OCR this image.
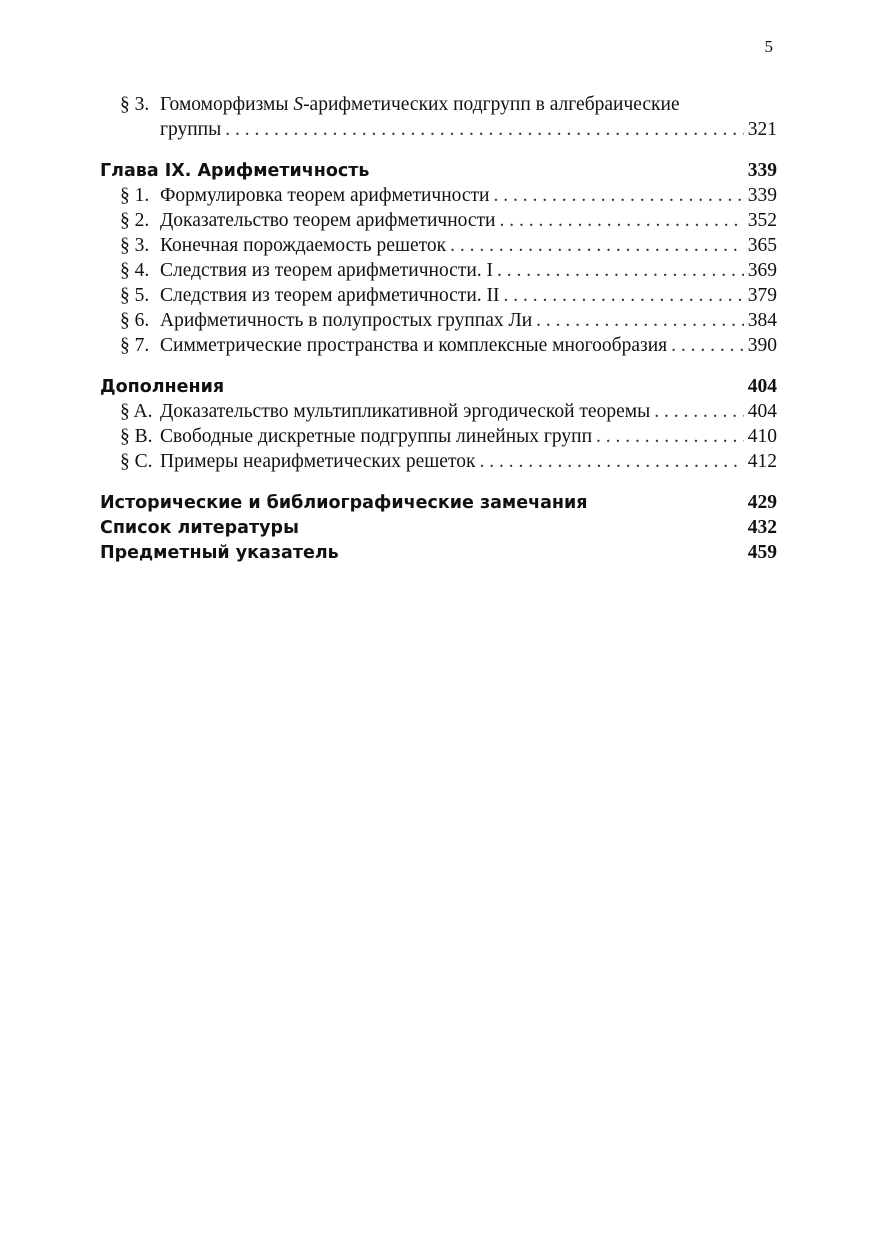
5
§ 3. Гомоморфизмы S-арифметических подгрупп в алгебраические
группы . . .	321
Глава IX. Арифметичность	339
§ 1. Формулировка теорем арифметичности . . .	339
§ 2. Доказательство теорем арифметичности . . .	352
§ 3. Конечная порождаемость решеток . . .	365
§ 4. Следствия из теорем арифметичности. I . . .	369
§ 5. Следствия из теорем арифметичности. II . . .	379
§ 6. Арифметичность в полупростых группах Ли . . .	384
§ 7. Симметрические пространства и комплексные многообразия . . .	390
Дополнения	404
§ A. Доказательство мультипликативной эргодической теоремы . . .	404
§ B. Свободные дискретные подгруппы линейных групп . . .	410
§ C. Примеры неарифметических решеток . . .	412
Исторические и библиографические замечания	429
Список литературы	432
Предметный указатель	459
